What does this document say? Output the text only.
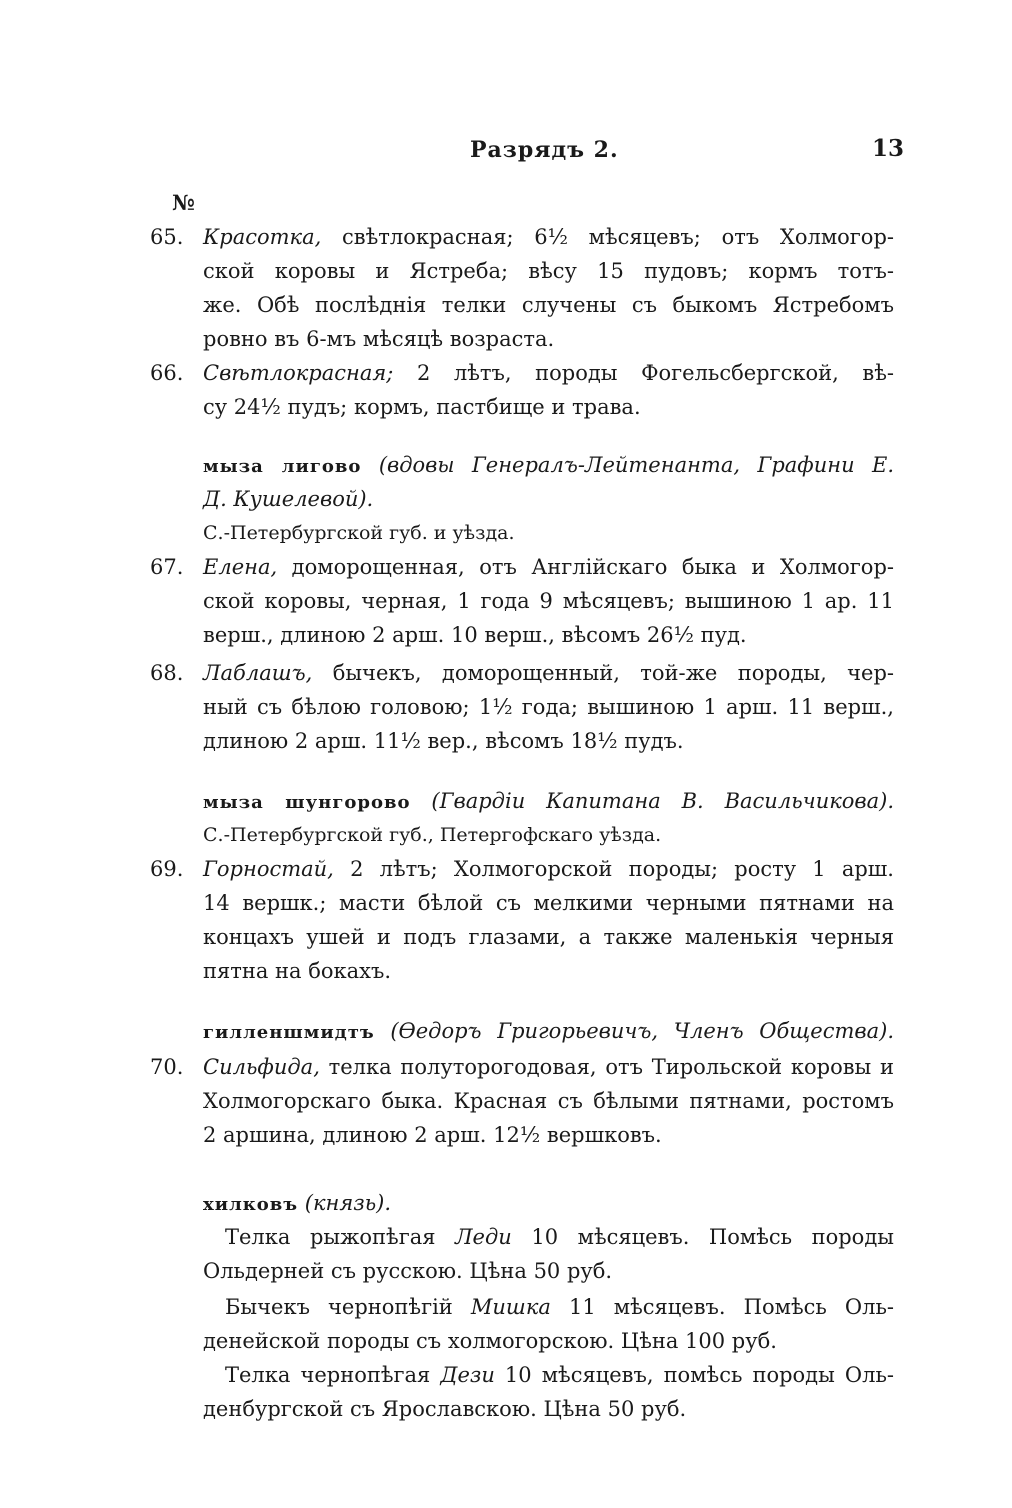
Разрядъ 2.	13
№
65. Красотка, свѣтлокрасная; 6½ мѣсяцевъ; отъ Холмогор-
ской коровы и Ястреба; вѣсу 15 пудовъ; кормъ тотъ-
же. Обѣ послѣднія телки случены съ быкомъ Ястребомъ
ровно въ 6-мъ мѣсяцѣ возраста.
66. Свѣтлокрасная; 2 лѣтъ, породы Фогельсбергской, вѣ-
су 24½ пудъ; кормъ, пастбище и трава.
мыза лигово (вдовы Генералъ-Лейтенанта, Графини Е.
Д. Кушелевой).
С.-Петербургской губ. и уѣзда.
67. Елена, доморощенная, отъ Англійскаго быка и Холмогор-
ской коровы, черная, 1 года 9 мѣсяцевъ; вышиною 1 ар. 11
верш., длиною 2 арш. 10 верш., вѣсомъ 26½ пуд.
68. Лаблашъ, бычекъ, доморощенный, той-же породы, чер-
ный съ бѣлою головою; 1½ года; вышиною 1 арш. 11 верш.,
длиною 2 арш. 11½ вер., вѣсомъ 18½ пудъ.
мыза шунгорово (Гвардіи Капитана В. Васильчикова).
С.-Петербургской губ., Петергофскаго уѣзда.
69. Горностай, 2 лѣтъ; Холмогорской породы; росту 1 арш.
14 вершк.; масти бѣлой съ мелкими черными пятнами на
концахъ ушей и подъ глазами, а также маленькія черныя
пятна на бокахъ.
гилленшмидтъ (Өедоръ Григорьевичъ, Членъ Общества).
70. Сильфида, телка полуторогодовая, отъ Тирольской коровы и
Холмогорскаго быка. Красная съ бѣлыми пятнами, ростомъ
2 аршина, длиною 2 арш. 12½ вершковъ.
хилковъ (князь).
Телка рыжопѣгая Леди 10 мѣсяцевъ. Помѣсь породы
Ольдерней съ русскою. Цѣна 50 руб.
Бычекъ чернопѣгій Мишка 11 мѣсяцевъ. Помѣсь Оль-
денейской породы съ холмогорскою. Цѣна 100 руб.
Телка чернопѣгая Дези 10 мѣсяцевъ, помѣсь породы Оль-
денбургской съ Ярославскою. Цѣна 50 руб.
